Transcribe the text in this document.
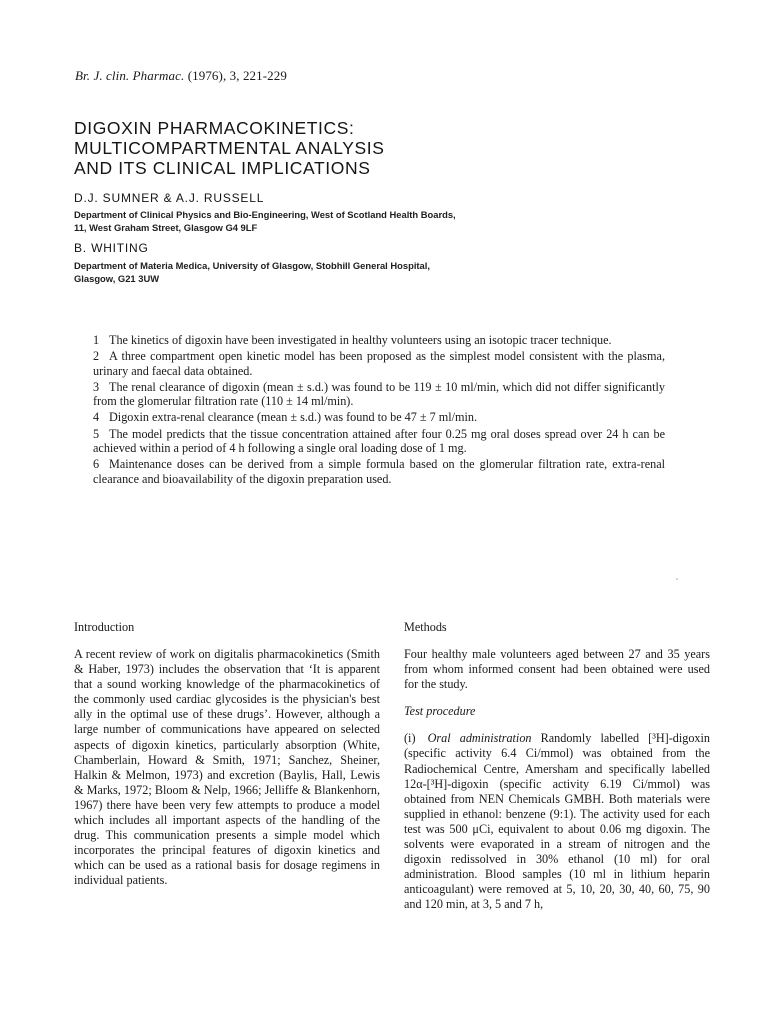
Br. J. clin. Pharmac. (1976), 3, 221-229
DIGOXIN PHARMACOKINETICS:
MULTICOMPARTMENTAL ANALYSIS
AND ITS CLINICAL IMPLICATIONS
D.J. SUMNER & A.J. RUSSELL
Department of Clinical Physics and Bio-Engineering, West of Scotland Health Boards,
11, West Graham Street, Glasgow G4 9LF
B. WHITING
Department of Materia Medica, University of Glasgow, Stobhill General Hospital,
Glasgow, G21 3UW

1 The kinetics of digoxin have been investigated in healthy volunteers using an isotopic tracer technique.

2 A three compartment open kinetic model has been proposed as the simplest model consistent with the plasma, urinary and faecal data obtained.

3 The renal clearance of digoxin (mean ± s.d.) was found to be 119 ± 10 ml/min, which did not differ significantly from the glomerular filtration rate (110 ± 14 ml/min).

4 Digoxin extra-renal clearance (mean ± s.d.) was found to be 47 ± 7 ml/min.

5 The model predicts that the tissue concentration attained after four 0.25 mg oral doses spread over 24 h can be achieved within a period of 4 h following a single oral loading dose of 1 mg.

6 Maintenance doses can be derived from a simple formula based on the glomerular filtration rate, extra-renal clearance and bioavailability of the digoxin preparation used.

Introduction

A recent review of work on digitalis pharmacokinetics (Smith & Haber, 1973) includes the observation that ‘It is apparent that a sound working knowledge of the pharmacokinetics of the commonly used cardiac glycosides is the physician's best ally in the optimal use of these drugs’. However, although a large number of communications have appeared on selected aspects of digoxin kinetics, particularly absorption (White, Chamberlain, Howard & Smith, 1971; Sanchez, Sheiner, Halkin & Melmon, 1973) and excretion (Baylis, Hall, Lewis & Marks, 1972; Bloom & Nelp, 1966; Jelliffe & Blankenhorn, 1967) there have been very few attempts to produce a model which includes all important aspects of the handling of the drug. This communication presents a simple model which incorporates the principal features of digoxin kinetics and which can be used as a rational basis for dosage regimens in individual patients.

Methods

Four healthy male volunteers aged between 27 and 35 years from whom informed consent had been obtained were used for the study.

Test procedure

(i) Oral administration Randomly labelled [³H]-digoxin (specific activity 6.4 Ci/mmol) was obtained from the Radiochemical Centre, Amersham and specifically labelled 12α-[³H]-digoxin (specific activity 6.19 Ci/mmol) was obtained from NEN Chemicals GMBH. Both materials were supplied in ethanol: benzene (9:1). The activity used for each test was 500 μCi, equivalent to about 0.06 mg digoxin. The solvents were evaporated in a stream of nitrogen and the digoxin redissolved in 30% ethanol (10 ml) for oral administration. Blood samples (10 ml in lithium heparin anticoagulant) were removed at 5, 10, 20, 30, 40, 60, 75, 90 and 120 min, at 3, 5 and 7 h,
